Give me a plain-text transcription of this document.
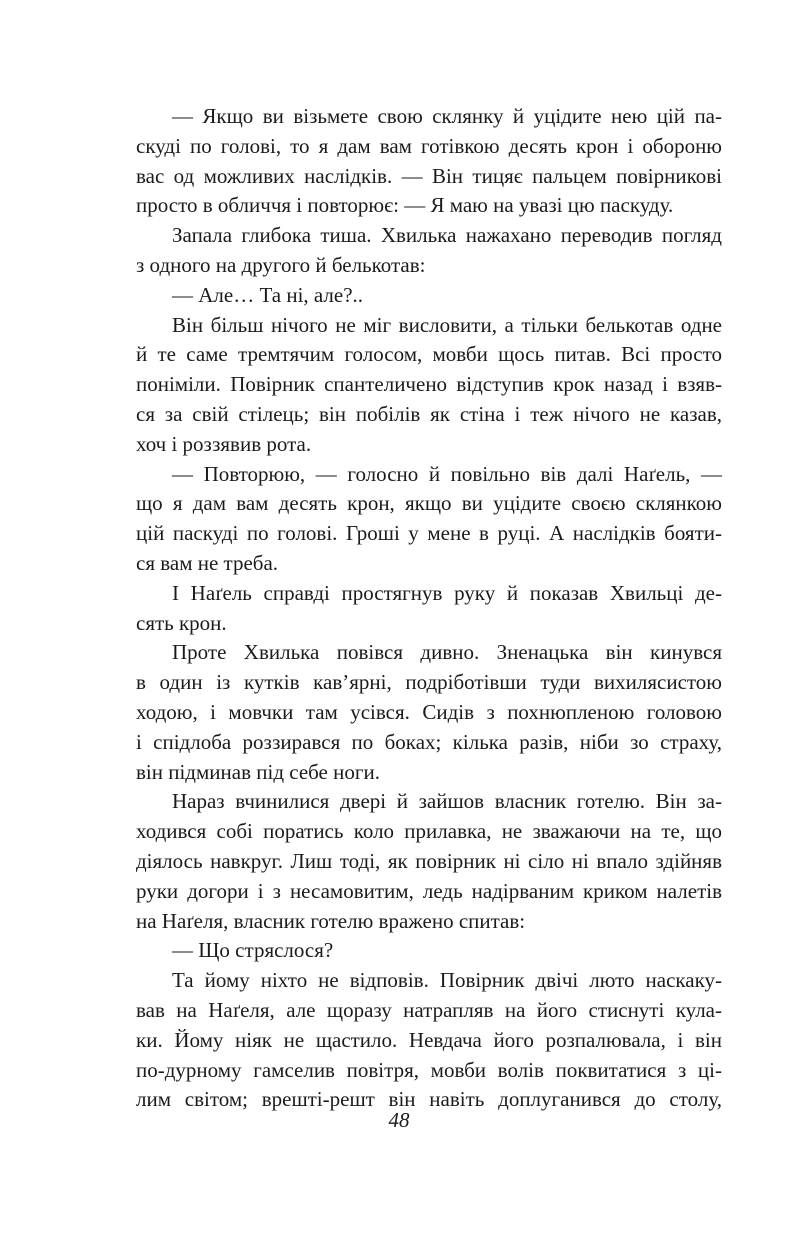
— Якщо ви візьмете свою склянку й уцідите нею цій па-
скуді по голові, то я дам вам готівкою десять крон і обороню
вас од можливих наслідків. — Він тицяє пальцем повірникові
просто в обличчя і повторює: — Я маю на увазі цю паскуду.
Запала глибока тиша. Хвилька нажахано переводив погляд
з одного на другого й белькотав:
— Але… Та ні, але?..
Він більш нічого не міг висловити, а тільки белькотав одне
й те саме тремтячим голосом, мовби щось питав. Всі просто
поніміли. Повірник спантеличено відступив крок назад і взяв-
ся за свій стілець; він побілів як стіна і теж нічого не казав,
хоч і роззявив рота.
— Повторюю, — голосно й повільно вів далі Наґель, —
що я дам вам десять крон, якщо ви уцідите своєю склянкою
цій паскуді по голові. Гроші у мене в руці. А наслідків бояти-
ся вам не треба.
І Наґель справді простягнув руку й показав Хвильці де-
сять крон.
Проте Хвилька повівся дивно. Зненацька він кинувся
в один із кутків кав’ярні, подріботівши туди вихилясистою
ходою, і мовчки там усівся. Сидів з похнюпленою головою
і спідлоба роззирався по боках; кілька разів, ніби зо страху,
він підминав під себе ноги.
Нараз вчинилися двері й зайшов власник готелю. Він за-
ходився собі поратись коло прилавка, не зважаючи на те, що
діялось навкруг. Лиш тоді, як повірник ні сіло ні впало здійняв
руки догори і з несамовитим, ледь надірваним криком налетів
на Наґеля, власник готелю вражено спитав:
— Що стряслося?
Та йому ніхто не відповів. Повірник двічі люто наскаку-
вав на Наґеля, але щоразу натрапляв на його стиснуті кула-
ки. Йому ніяк не щастило. Невдача його розпалювала, і він
по-дурному гамселив повітря, мовби волів поквитатися з ці-
лим світом; врешті-решт він навіть доплуганився до столу,
48
